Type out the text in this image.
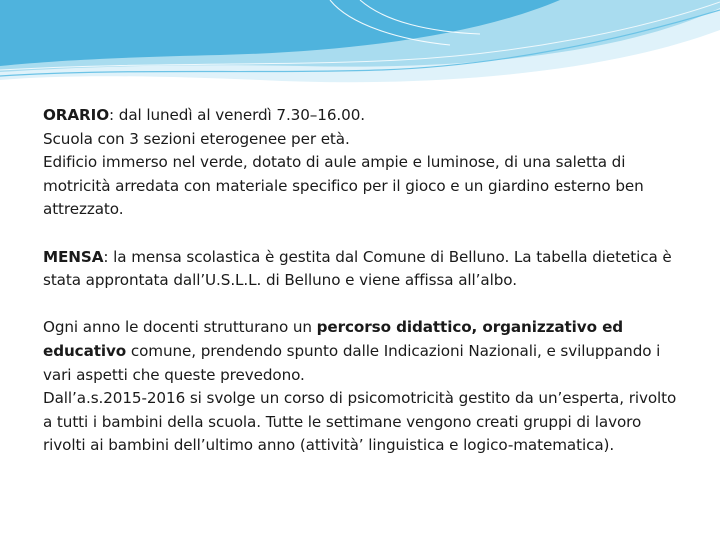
ORARIO: dal lunedì al venerdì 7.30–16.00.

Scuola con 3 sezioni eterogenee per età.

Edificio immerso nel verde, dotato di aule ampie e luminose, di una saletta di motricità arredata con materiale specifico per il gioco e un giardino esterno ben attrezzato.

MENSA: la mensa scolastica è gestita dal Comune di Belluno. La tabella dietetica è stata approntata dall’U.S.L.L. di Belluno e viene affissa all’albo.

Ogni anno le docenti strutturano un percorso didattico, organizzativo ed educativo comune, prendendo spunto dalle Indicazioni Nazionali, e sviluppando i vari aspetti che queste prevedono.

Dall’a.s.2015-2016 si svolge un corso di psicomotricità gestito da un’esperta, rivolto a tutti i bambini della scuola. Tutte le settimane vengono creati gruppi di lavoro rivolti ai bambini dell’ultimo anno (attività’ linguistica e logico-matematica).
